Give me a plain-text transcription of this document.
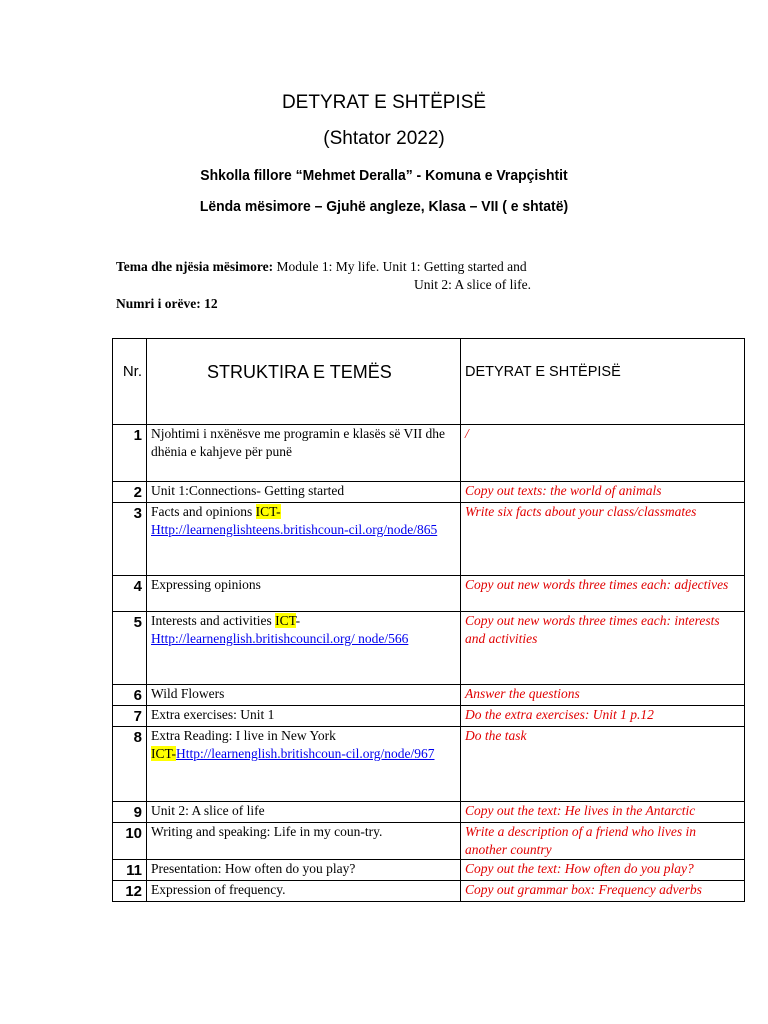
DETYRAT E SHTËPISË
(Shtator 2022)
Shkolla fillore “Mehmet Deralla” - Komuna e Vrapçishtit
Lënda mësimore – Gjuhë angleze, Klasa – VII ( e shtatë)
Tema dhe njësia mësimore: Module 1: My life. Unit 1: Getting started and
Unit 2: A slice of life.
Numri i orëve: 12
Nr.	STRUKTIRA E TEMËS	DETYRAT E SHTËPISË
1	Njohtimi i nxënësve me programin e klasës së VII dhe dhënia e kahjeve për punë	/
2	Unit 1:Connections- Getting started	Copy out texts: the world of animals
3	Facts and opinions ICT-
Http://learnenglishteens.britishcoun-cil.org/node/865	Write six facts about your class/classmates
4	Expressing opinions	Copy out new words three times each: adjectives
5	Interests and activities ICT-
Http://learnenglish.britishcouncil.org/ node/566	Copy out new words three times each: interests and activities
6	Wild Flowers	Answer the questions
7	Extra exercises: Unit 1	Do the extra exercises: Unit 1 p.12
8	Extra Reading: I live in New York
ICT-Http://learnenglish.britishcoun-cil.org/node/967	Do the task
9	Unit 2: A slice of life	Copy out the text: He lives in the Antarctic
10	Writing and speaking: Life in my coun-try.	Write a description of a friend who lives in another country
11	Presentation: How often do you play?	Copy out the text: How often do you play?
12	Expression of frequency.	Copy out grammar box: Frequency adverbs
